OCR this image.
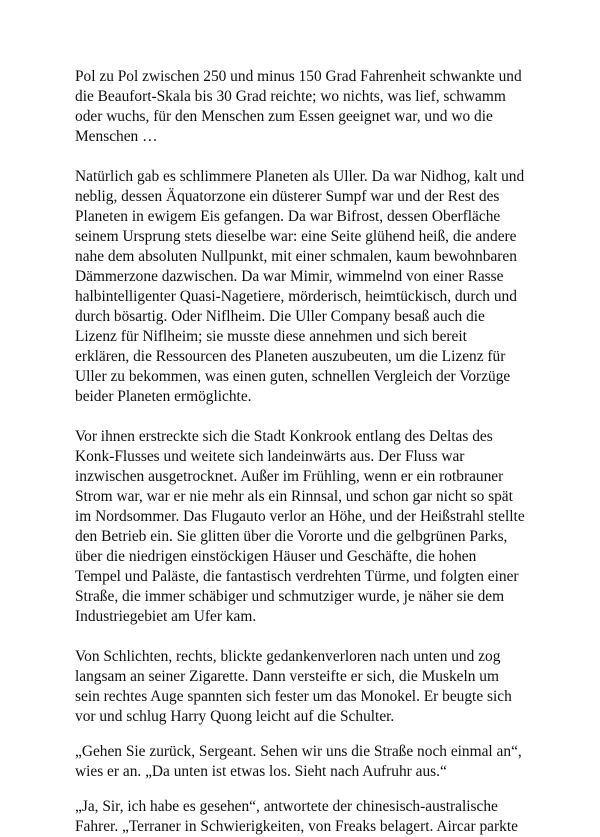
Pol zu Pol zwischen 250 und minus 150 Grad Fahrenheit schwankte und die Beaufort-Skala bis 30 Grad reichte; wo nichts, was lief, schwamm oder wuchs, für den Menschen zum Essen geeignet war, und wo die Menschen …

Natürlich gab es schlimmere Planeten als Uller. Da war Nidhog, kalt und neblig, dessen Äquatorzone ein düsterer Sumpf war und der Rest des Planeten in ewigem Eis gefangen. Da war Bifrost, dessen Oberfläche seinem Ursprung stets dieselbe war: eine Seite glühend heiß, die andere nahe dem absoluten Nullpunkt, mit einer schmalen, kaum bewohnbaren Dämmerzone dazwischen. Da war Mimir, wimmelnd von einer Rasse halbintelligenter Quasi-Nagetiere, mörderisch, heimtückisch, durch und durch bösartig. Oder Niflheim. Die Uller Company besaß auch die Lizenz für Niflheim; sie musste diese annehmen und sich bereit erklären, die Ressourcen des Planeten auszubeuten, um die Lizenz für Uller zu bekommen, was einen guten, schnellen Vergleich der Vorzüge beider Planeten ermöglichte.

Vor ihnen erstreckte sich die Stadt Konkrook entlang des Deltas des Konk-Flusses und weitete sich landeinwärts aus. Der Fluss war inzwischen ausgetrocknet. Außer im Frühling, wenn er ein rotbrauner Strom war, war er nie mehr als ein Rinnsal, und schon gar nicht so spät im Nordsommer. Das Flugauto verlor an Höhe, und der Heißstrahl stellte den Betrieb ein. Sie glitten über die Vororte und die gelbgrünen Parks, über die niedrigen einstöckigen Häuser und Geschäfte, die hohen Tempel und Paläste, die fantastisch verdrehten Türme, und folgten einer Straße, die immer schäbiger und schmutziger wurde, je näher sie dem Industriegebiet am Ufer kam.

Von Schlichten, rechts, blickte gedankenverloren nach unten und zog langsam an seiner Zigarette. Dann versteifte er sich, die Muskeln um sein rechtes Auge spannten sich fester um das Monokel. Er beugte sich vor und schlug Harry Quong leicht auf die Schulter.

„Gehen Sie zurück, Sergeant. Sehen wir uns die Straße noch einmal an“, wies er an. „Da unten ist etwas los. Sieht nach Aufruhr aus.“

„Ja, Sir, ich habe es gesehen“, antwortete der chinesisch-australische Fahrer. „Terraner in Schwierigkeiten, von Freaks belagert. Aircar parkte
